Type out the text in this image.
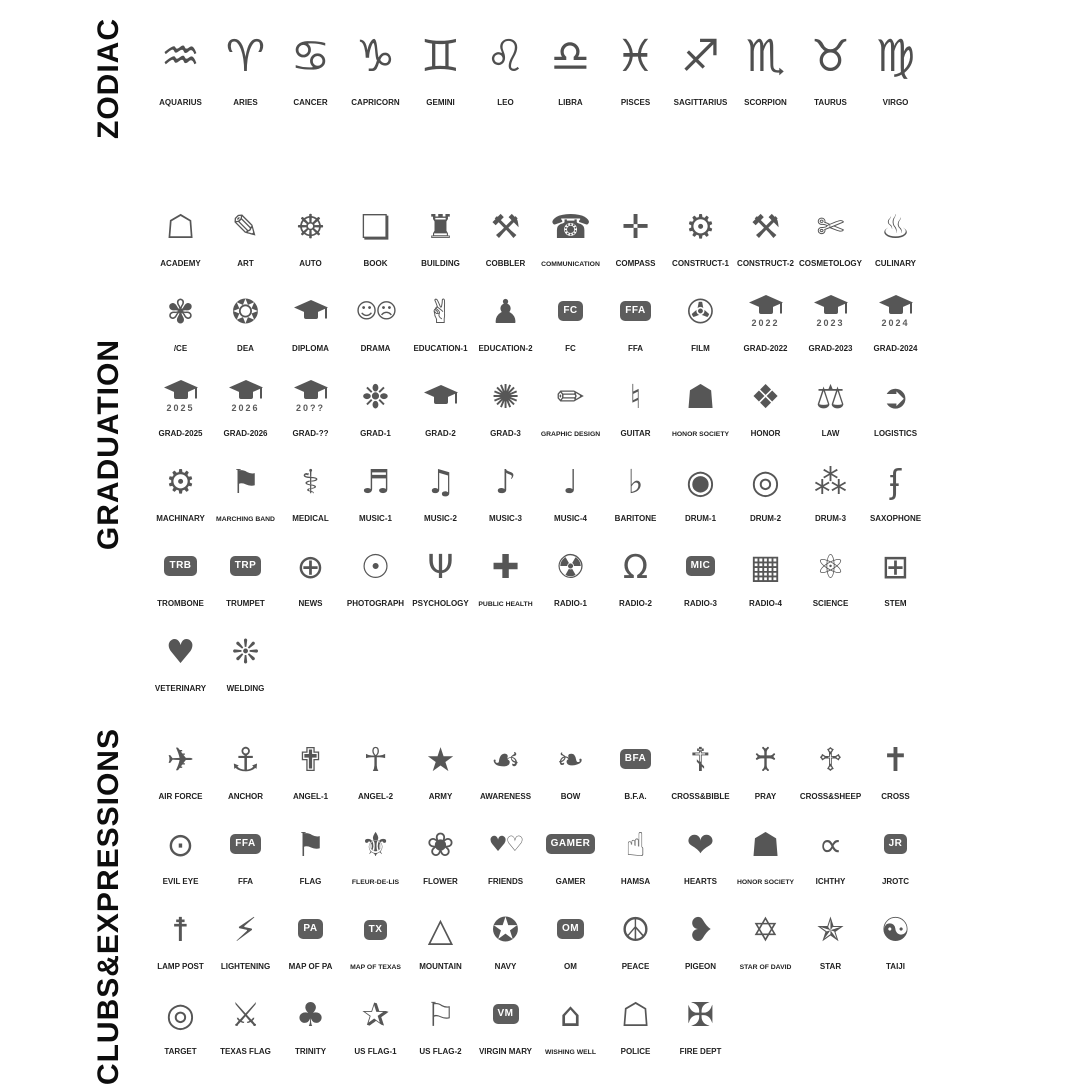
ZODIAC ♒
AQUARIUS
♈
ARIES
♋
CANCER
♑
CAPRICORN
♊
GEMINI
♌
LEO
♎
LIBRA
♓
PISCES
♐
SAGITTARIUS
♏
SCORPION
♉
TAURUS
♍
VIRGO
GRADUATION
☖
ACADEMY
✎
ART
☸
AUTO
❏
BOOK
♜
BUILDING
⚒
COBBLER
☎
COMMUNICATION
✛
COMPASS
⚙
CONSTRUCT-1
⚒
CONSTRUCT-2
✄
COSMETOLOGY
♨
CULINARY
✾
/CE
❂
DEA	DIPLOMA
☺☹
DRAMA
✌
EDUCATION-1
♟
EDUCATION-2
FC
FC
FFA
FFA
✇
FILM
2022
GRAD-2022
2023
GRAD-2023
2024
GRAD-2024
2025
GRAD-2025
2026
GRAD-2026
20??
GRAD-??
❉
GRAD-1	GRAD-2
✺
GRAD-3
✏
GRAPHIC DESIGN
♮
GUITAR
☗
HONOR SOCIETY
❖
HONOR
⚖
LAW
➲
LOGISTICS
⚙
MACHINARY
⚑
MARCHING BAND
⚕
MEDICAL
♬
MUSIC-1
♫
MUSIC-2
♪
MUSIC-3
♩
MUSIC-4
♭
BARITONE
◉
DRUM-1
◎
DRUM-2
⁂
DRUM-3
ʄ
SAXOPHONE
TRB
TROMBONE
TRP
TRUMPET
⊕
NEWS
☉
PHOTOGRAPH
Ψ
PSYCHOLOGY
✚
PUBLIC HEALTH
☢
RADIO-1
Ω
RADIO-2
MIC
RADIO-3
▦
RADIO-4
⚛
SCIENCE
⊞
STEM
♥
VETERINARY
❊
WELDING
CLUBS&EXPRESSIONS ✈
AIR FORCE
⚓
ANCHOR
✟
ANGEL-1
☥
ANGEL-2
★
ARMY
☙
AWARENESS
❧
BOW
BFA
B.F.A.
☦
CROSS&BIBLE
♰
PRAY
♱
CROSS&SHEEP
✝
CROSS
⊙
EVIL EYE
FFA
FFA
⚑
FLAG
⚜
FLEUR-DE-LIS
❀
FLOWER
♥♡
FRIENDS
GAMER
GAMER
☝
HAMSA
❤
HEARTS
☗
HONOR SOCIETY
∝
ICHTHY
JR
JROTC
☨
LAMP POST
⚡
LIGHTENING
PA
MAP OF PA
TX
MAP OF TEXAS
△
MOUNTAIN
✪
NAVY
OM
OM
☮
PEACE
❥
PIGEON
✡
STAR OF DAVID
✯
STAR
☯
TAIJI
◎
TARGET
⚔
TEXAS FLAG
♣
TRINITY
✰
US FLAG-1
⚐
US FLAG-2
VM
VIRGIN MARY
⌂
WISHING WELL
☖
POLICE
✠
FIRE DEPT
